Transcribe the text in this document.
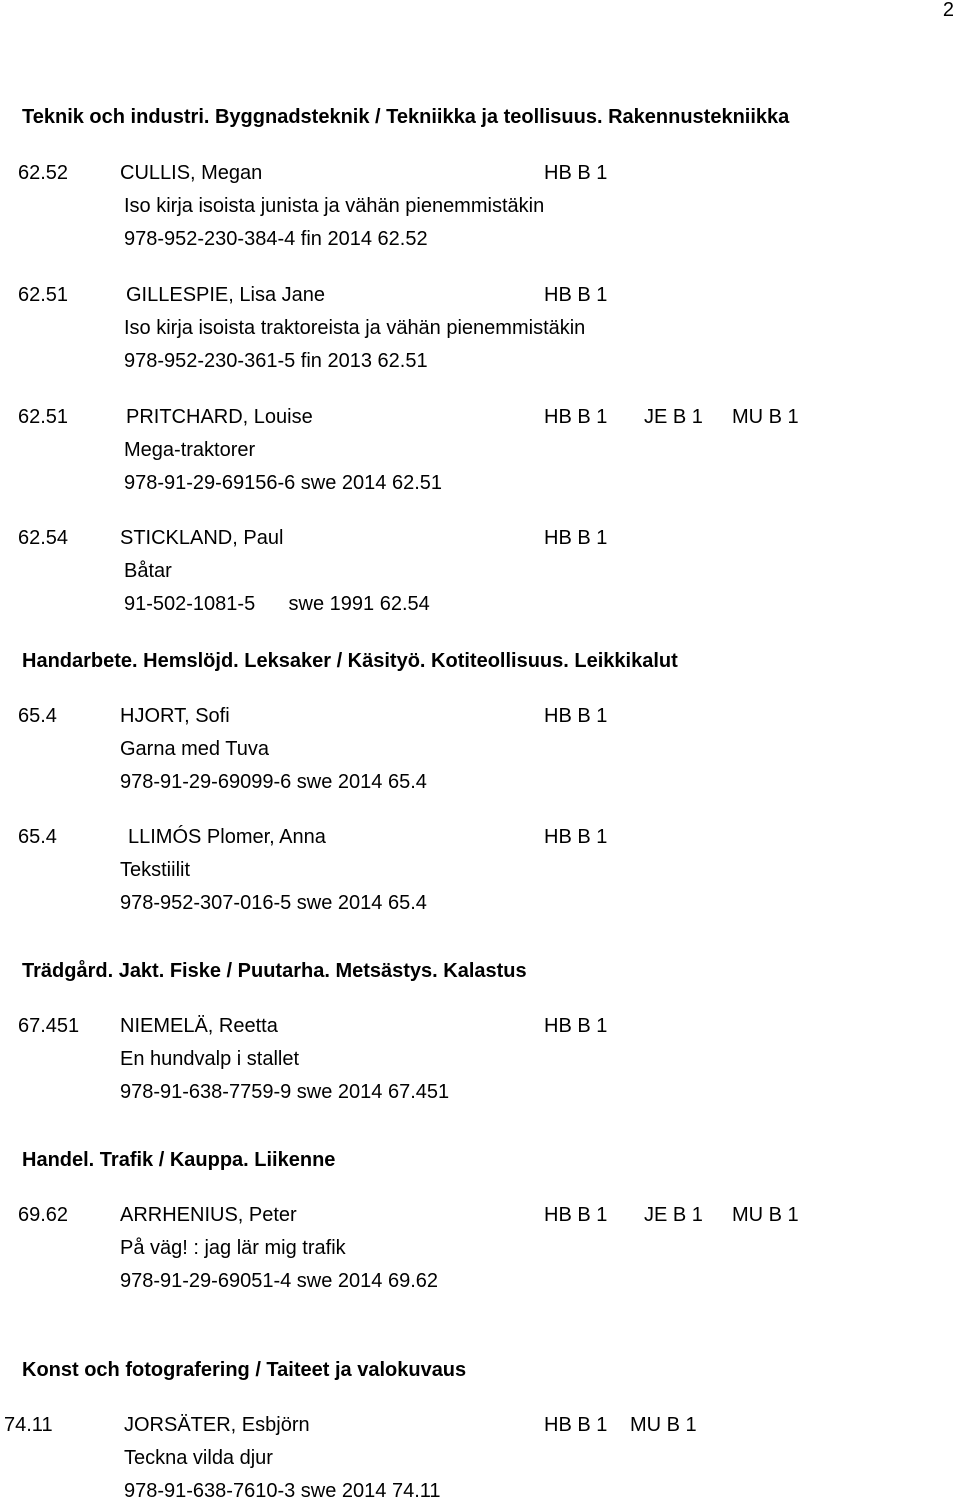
2
Teknik och industri. Byggnadsteknik / Tekniikka ja teollisuus. Rakennustekniikka
62.52	CULLIS, Megan	HB B 1
Iso kirja isoista junista ja vähän pienemmistäkin
978-952-230-384-4 fin 2014 62.52
62.51	GILLESPIE, Lisa Jane	HB B 1
Iso kirja isoista traktoreista ja vähän pienemmistäkin
978-952-230-361-5 fin 2013 62.51
62.51	PRITCHARD, Louise	HB B 1 JE B 1 MU B 1
Mega-traktorer
978-91-29-69156-6 swe 2014 62.51
62.54	STICKLAND, Paul	HB B 1
Båtar
91-502-1081-5      swe 1991 62.54
Handarbete. Hemslöjd. Leksaker / Käsityö. Kotiteollisuus. Leikkikalut
65.4	HJORT, Sofi	HB B 1
Garna med Tuva
978-91-29-69099-6 swe 2014 65.4
65.4	LLIMÓS Plomer, Anna	HB B 1
Tekstiilit
978-952-307-016-5 swe 2014 65.4
Trädgård. Jakt. Fiske / Puutarha. Metsästys. Kalastus
67.451 NIEMELÄ, Reetta	HB B 1
En hundvalp i stallet
978-91-638-7759-9 swe 2014 67.451
Handel. Trafik / Kauppa. Liikenne
69.62	ARRHENIUS, Peter	HB B 1 JE B 1 MU B 1
På väg! : jag lär mig trafik
978-91-29-69051-4 swe 2014 69.62
Konst och fotografering / Taiteet ja valokuvaus
74.11	JORSÄTER, Esbjörn	HB B 1 MU B 1
Teckna vilda djur
978-91-638-7610-3 swe 2014 74.11
